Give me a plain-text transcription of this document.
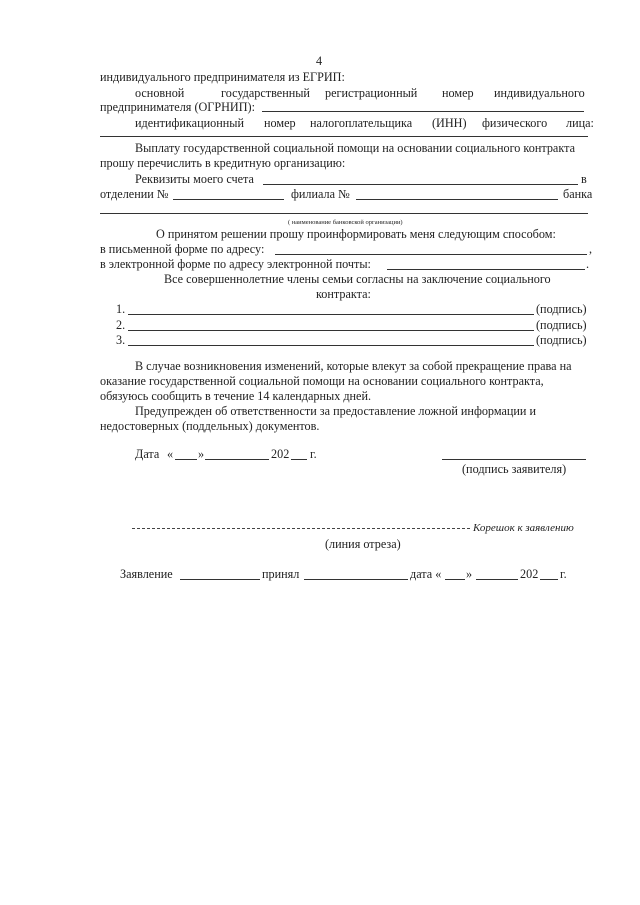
4
индивидуального предпринимателя из ЕГРИП:
основной	государственный регистрационный номер индивидуального
предпринимателя (ОГРНИП):
идентификационный номер налогоплательщика (ИНН) физического лица:
Выплату государственной социальной помощи на основании социального контракта
прошу перечислить в кредитную организацию:
Реквизиты моего счета	в
отделении №	филиала №	банка
( наименование банковской организации)
О принятом решении прошу проинформировать меня следующим способом:
в письменной форме по адресу:	,
в электронной форме по адресу электронной почты:	.
Все совершеннолетние члены семьи согласны на заключение социального
контракта:
1.	(подпись)
2.	(подпись)
3.	(подпись)
В случае возникновения изменений, которые влекут за собой прекращение права на
оказание государственной социальной помощи на основании социального контракта,
обязуюсь сообщить в течение 14 календарных дней.
Предупрежден об ответственности за предоставление ложной информации и
недостоверных (поддельных) документов.
Дата « »	202 г.
(подпись заявителя)
Корешок к заявлению
(линия отреза)
Заявление	принял	дата « »	202 г.
